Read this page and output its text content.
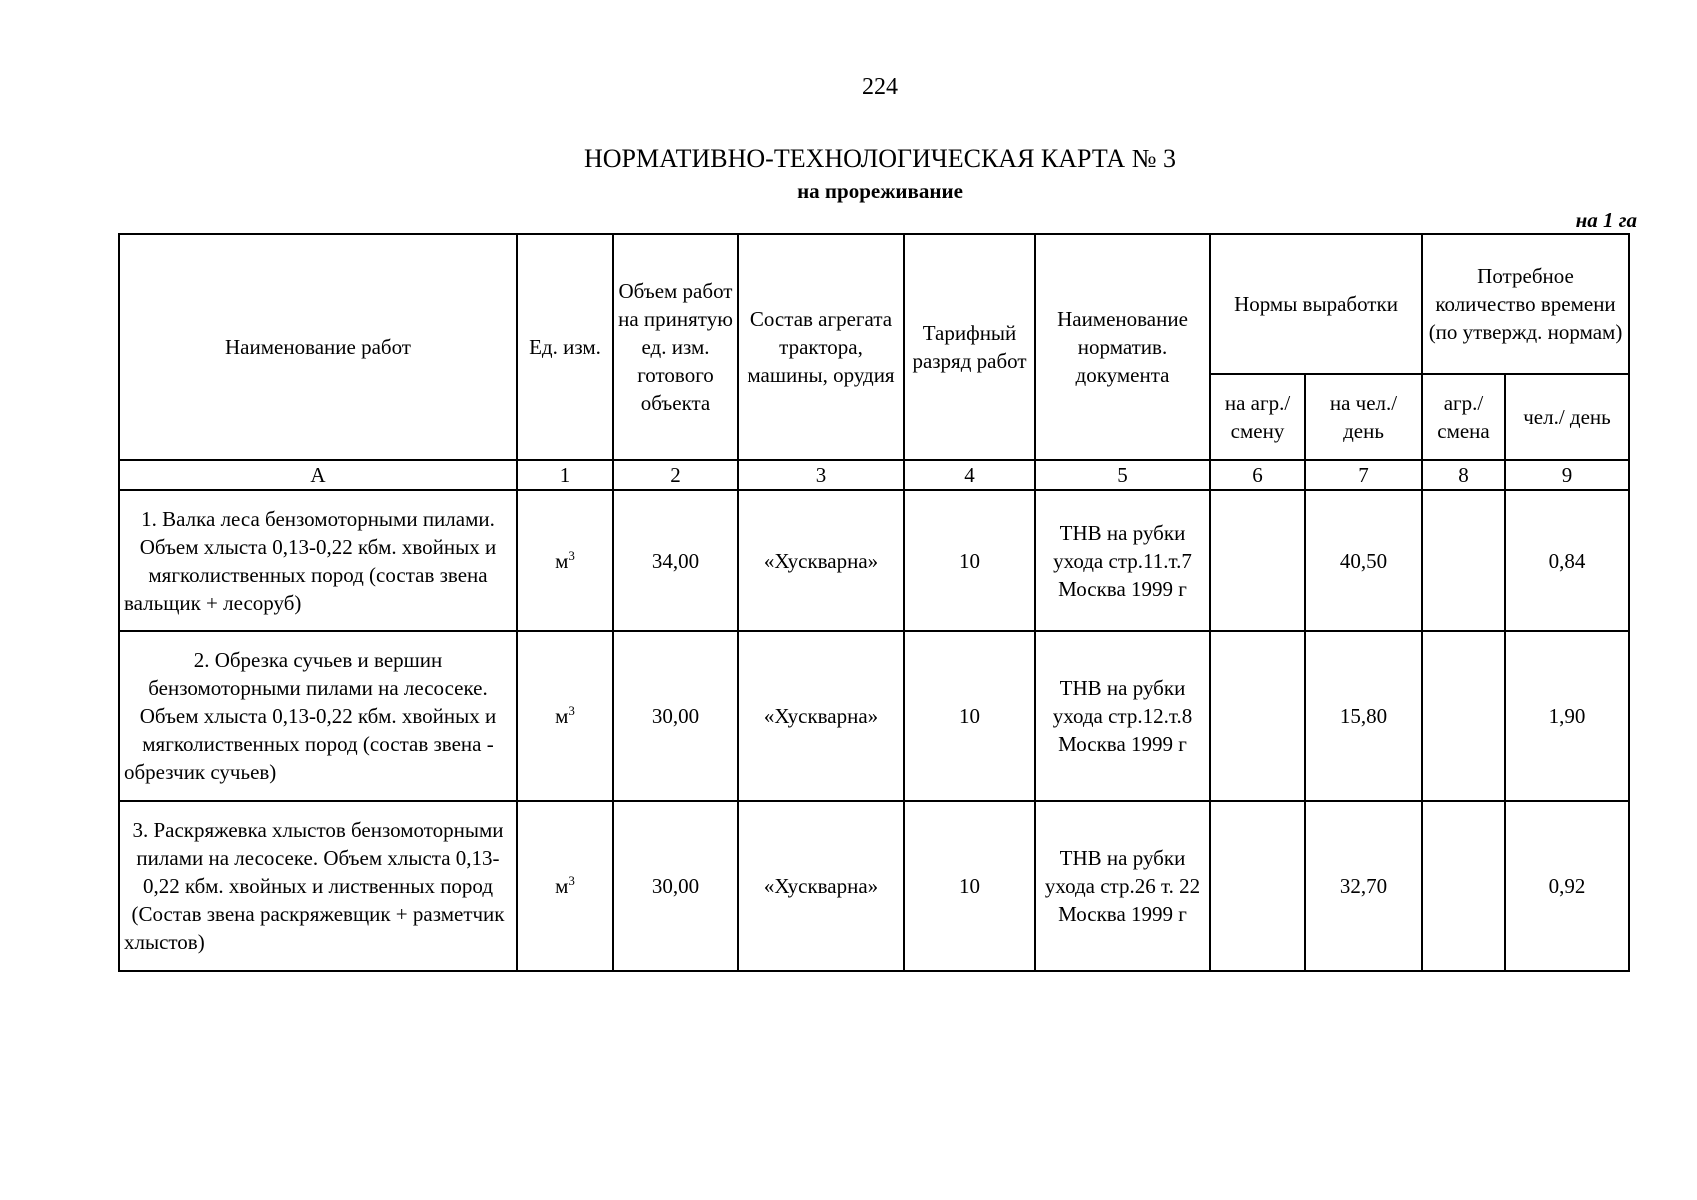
224
НОРМАТИВНО-ТЕХНОЛОГИЧЕСКАЯ КАРТА № 3
на прореживание
на 1 га
Наименование работ	Ед. изм.	Объем работ на принятую ед. изм. готового объекта	Состав агрегата трактора, машины, орудия	Тарифный разряд работ	Наименование норматив. документа	Нормы выработки		Потребное количество времени (по утвержд. нормам)	
						на агр./ смену	на чел./ день	агр./ смена	чел./ день
А	1	2	3	4	5	6	7	8	9
1. Валка леса бензомоторными пилами. Объем хлыста 0,13-0,22 кбм. хвойных и мягколиственных пород (состав звена вальщик + лесоруб)	$м^3$	34,00	«Хускварна»	10	ТНВ на рубки ухода стр.11.т.7 Москва 1999 г		40,50		0,84
2. Обрезка сучьев и вершин бензомоторными пилами на лесосеке. Объем хлыста 0,13-0,22 кбм. хвойных и мягколиственных пород (состав звена - обрезчик сучьев)	$м^3$	30,00	«Хускварна»	10	ТНВ на рубки ухода стр.12.т.8 Москва 1999 г		15,80		1,90
3. Раскряжевка хлыстов бензомоторными пилами на лесосеке. Объем хлыста 0,13-0,22 кбм. хвойных и лиственных пород (Состав звена раскряжевщик + разметчик хлыстов)	$м^3$	30,00	«Хускварна»	10	ТНВ на рубки ухода стр.26 т. 22 Москва 1999 г		32,70		0,92
